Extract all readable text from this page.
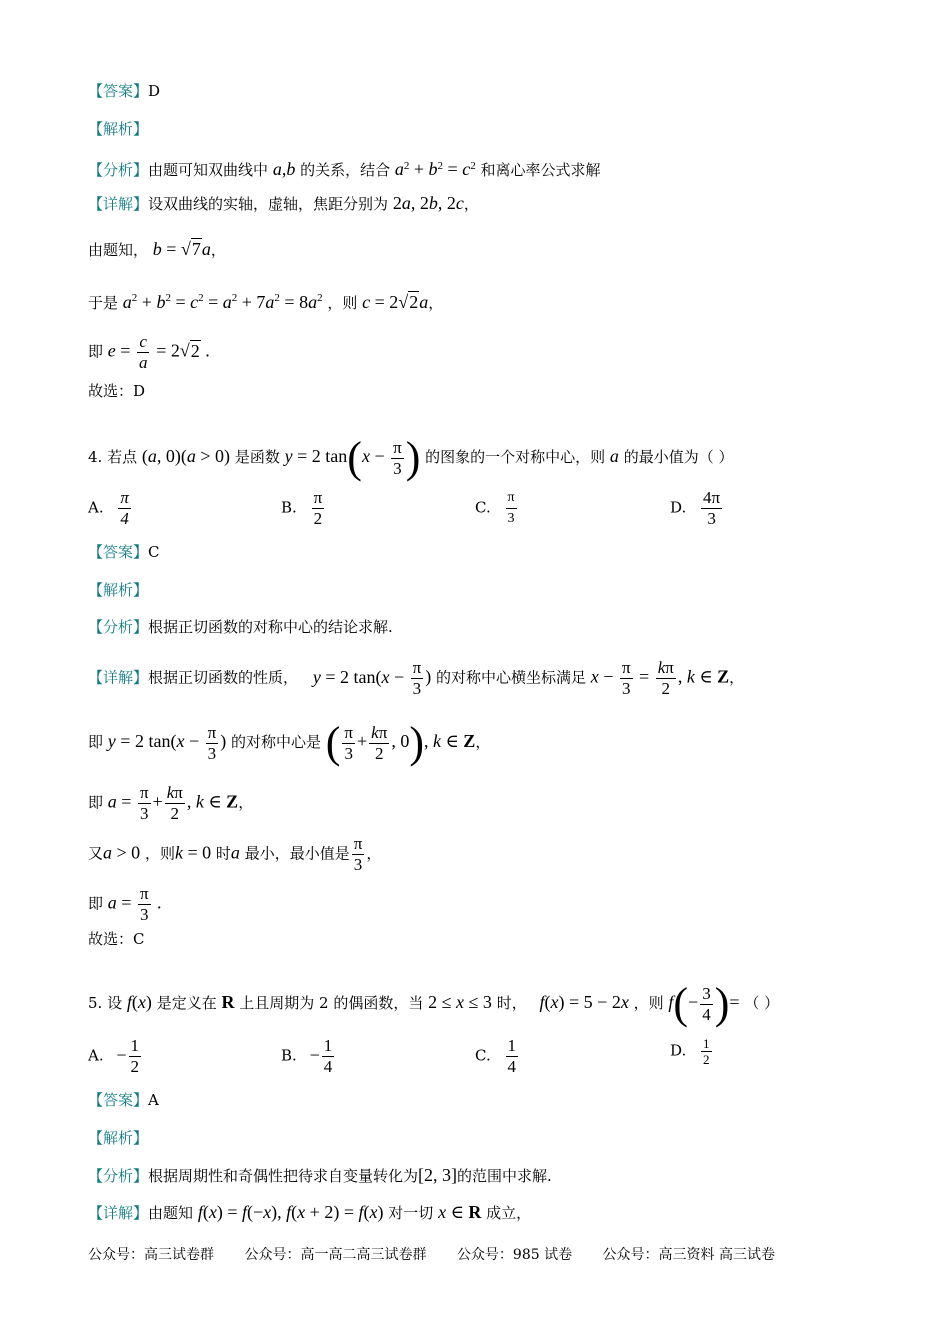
【答案】D
【解析】
【分析】由题可知双曲线中 a,b 的关系，结合 $a^2 + b^2 = c^2$ 和离心率公式求解
【详解】设双曲线的实轴，虚轴，焦距分别为 2a, 2b, 2c，
由题知， b = √7a，
于是 $a^2 + b^2 = c^2 = a^2 + 7a^2 = 8a^2$ ，则 c = 2√2a，
即 $e = \frac{c}{a} = 2√2$ .
故选：D
4. 若点 (a, 0)(a > 0) 是函数 y = 2 $\tan(x - \frac{\pi}{3}$ ) 的图象的一个对称中心，则 a 的最小值为（ ）
A. $\frac{\pi}{4}$	B. $\frac{\pi}{2}$	C. $\frac{\pi}{3}$	D. $\frac{4\pi}{3}$
【答案】C
【解析】
【分析】根据正切函数的对称中心的结论求解.
【详解】根据正切函数的性质， y = 2 $\tan(x - \frac{\pi}{3}$ ) 的对称中心横坐标满足 $x - \frac{\pi}{3} = \frac{k\pi}{2}$ , k ∈ Z，
即 y = 2 $\tan(x - \frac{\pi}{3}$ ) 的对称中心是 ( $\frac{\pi}{3} + \frac{k\pi}{2}$ , 0), k ∈ Z，
即 $a = \frac{\pi}{3} + \frac{k\pi}{2}$ , k ∈ Z，
又a > 0 ，则k = 0 时a 最小，最小值是 $\frac{\pi}{3}$ ，
即 $a = \frac{\pi}{3}$ .
故选：C
5. 设 f(x) 是定义在 R 上且周期为 2 的偶函数，当 2 ≤ x ≤ 3 时， f(x) = 5 − 2x ，则 $f(- \frac{3}{4}$ )= （ ）
A. − $\frac{1}{2}$	B. − $\frac{1}{4}$	C. $\frac{1}{4}$	D. $\frac{1}{2}$
【答案】A
【解析】
【分析】根据周期性和奇偶性把待求自变量转化为[2, 3]的范围中求解.
【详解】由题知 f(x) = f(−x), f(x + 2) = f(x) 对一切 x ∈ R 成立，
公众号：高三试卷群 公众号：高一高二高三试卷群 公众号：985 试卷 公众号：高三资料 高三试卷
